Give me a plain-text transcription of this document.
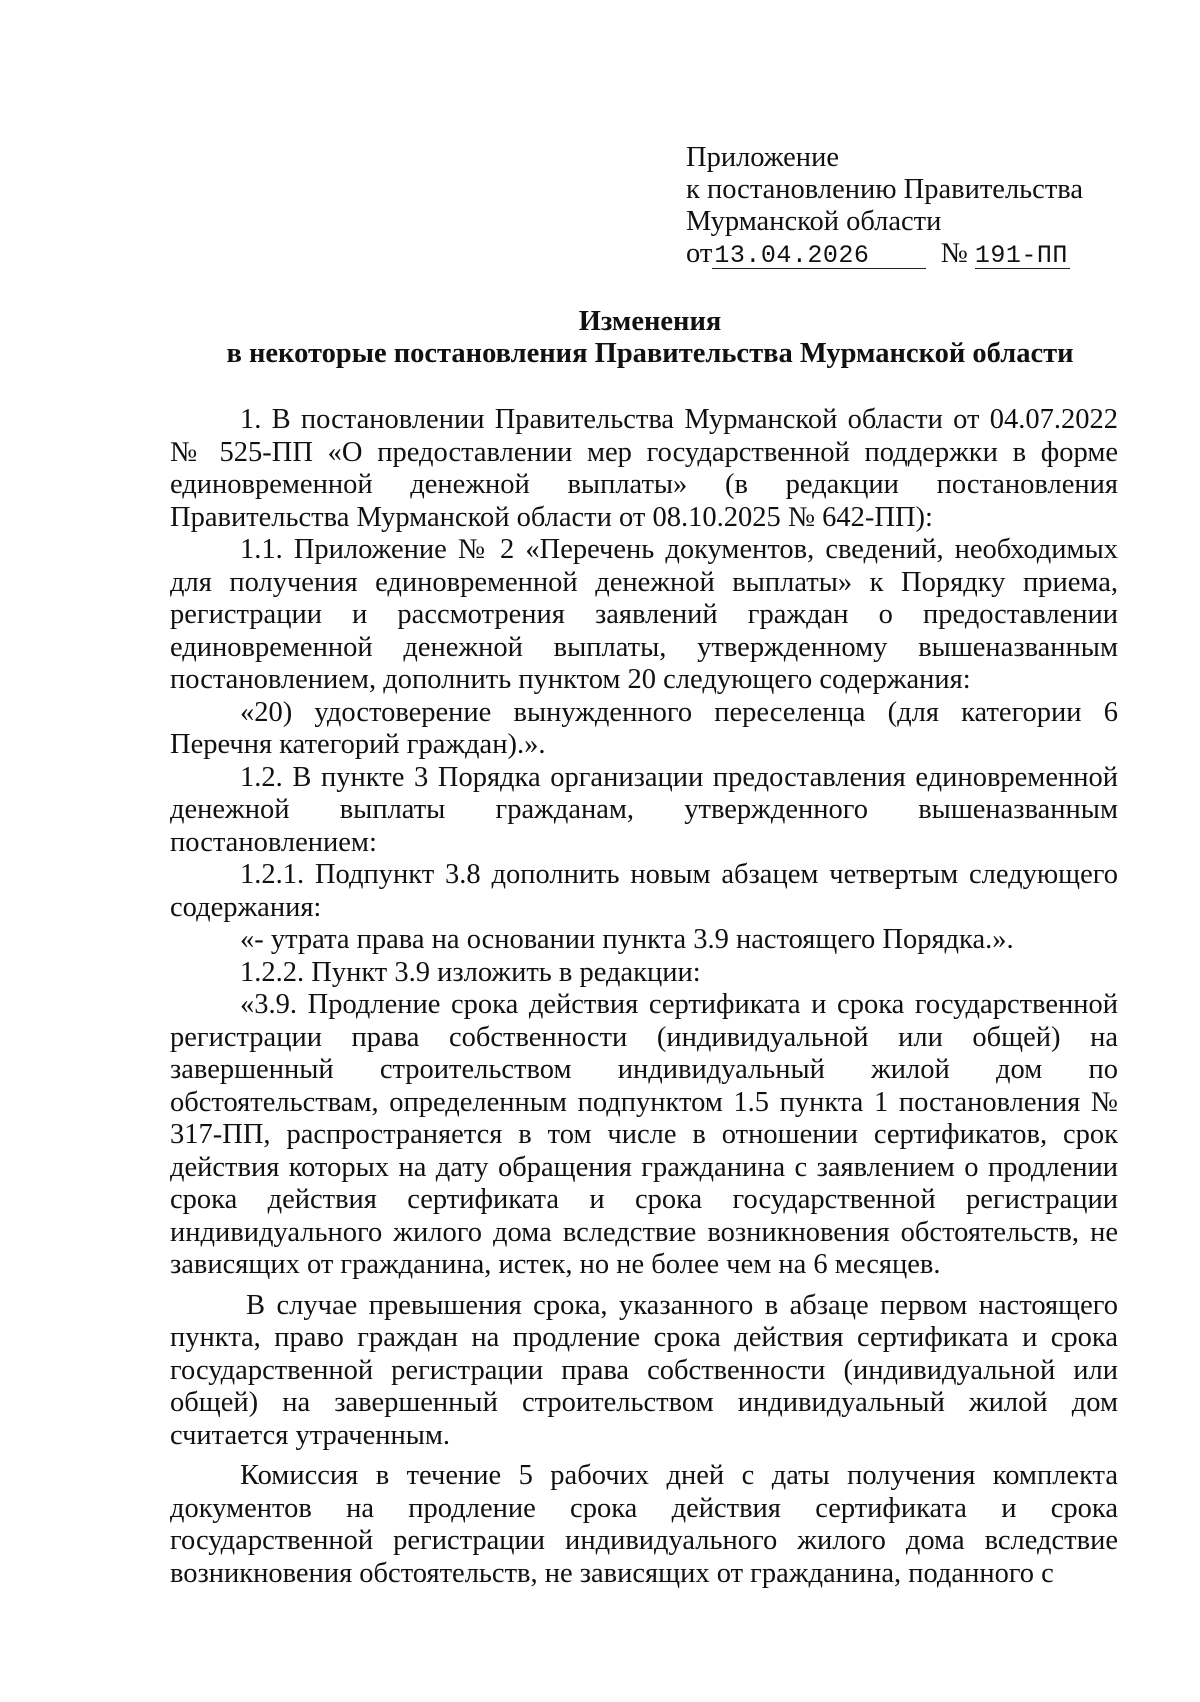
Приложение
к постановлению Правительства
Мурманской области
от13.04.2026 № 191-ПП
Изменения
в некоторые постановления Правительства Мурманской области

1. В постановлении Правительства Мурманской области от 04.07.2022 № 525-ПП «О предоставлении мер государственной поддержки в форме единовременной денежной выплаты» (в редакции постановления Правительства Мурманской области от 08.10.2025 № 642-ПП):

1.1. Приложение № 2 «Перечень документов, сведений, необходимых для получения единовременной денежной выплаты» к Порядку приема, регистрации и рассмотрения заявлений граждан о предоставлении единовременной денежной выплаты, утвержденному вышеназванным постановлением, дополнить пунктом 20 следующего содержания:

«20) удостоверение вынужденного переселенца (для категории 6 Перечня категорий граждан).».

1.2. В пункте 3 Порядка организации предоставления единовременной денежной выплаты гражданам, утвержденного вышеназванным постановлением:

1.2.1. Подпункт 3.8 дополнить новым абзацем четвертым следующего содержания:

«- утрата права на основании пункта 3.9 настоящего Порядка.».

1.2.2. Пункт 3.9 изложить в редакции:

«3.9. Продление срока действия сертификата и срока государственной регистрации права собственности (индивидуальной или общей) на завершенный строительством индивидуальный жилой дом по обстоятельствам, определенным подпунктом 1.5 пункта 1 постановления № 317-ПП, распространяется в том числе в отношении сертификатов, срок действия которых на дату обращения гражданина с заявлением о продлении срока действия сертификата и срока государственной регистрации индивидуального жилого дома вследствие возникновения обстоятельств, не зависящих от гражданина, истек, но не более чем на 6 месяцев.

В случае превышения срока, указанного в абзаце первом настоящего пункта, право граждан на продление срока действия сертификата и срока государственной регистрации права собственности (индивидуальной или общей) на завершенный строительством индивидуальный жилой дом считается утраченным.

Комиссия в течение 5 рабочих дней с даты получения комплекта документов на продление срока действия сертификата и срока государственной регистрации индивидуального жилого дома вследствие возникновения обстоятельств, не зависящих от гражданина, поданного с
